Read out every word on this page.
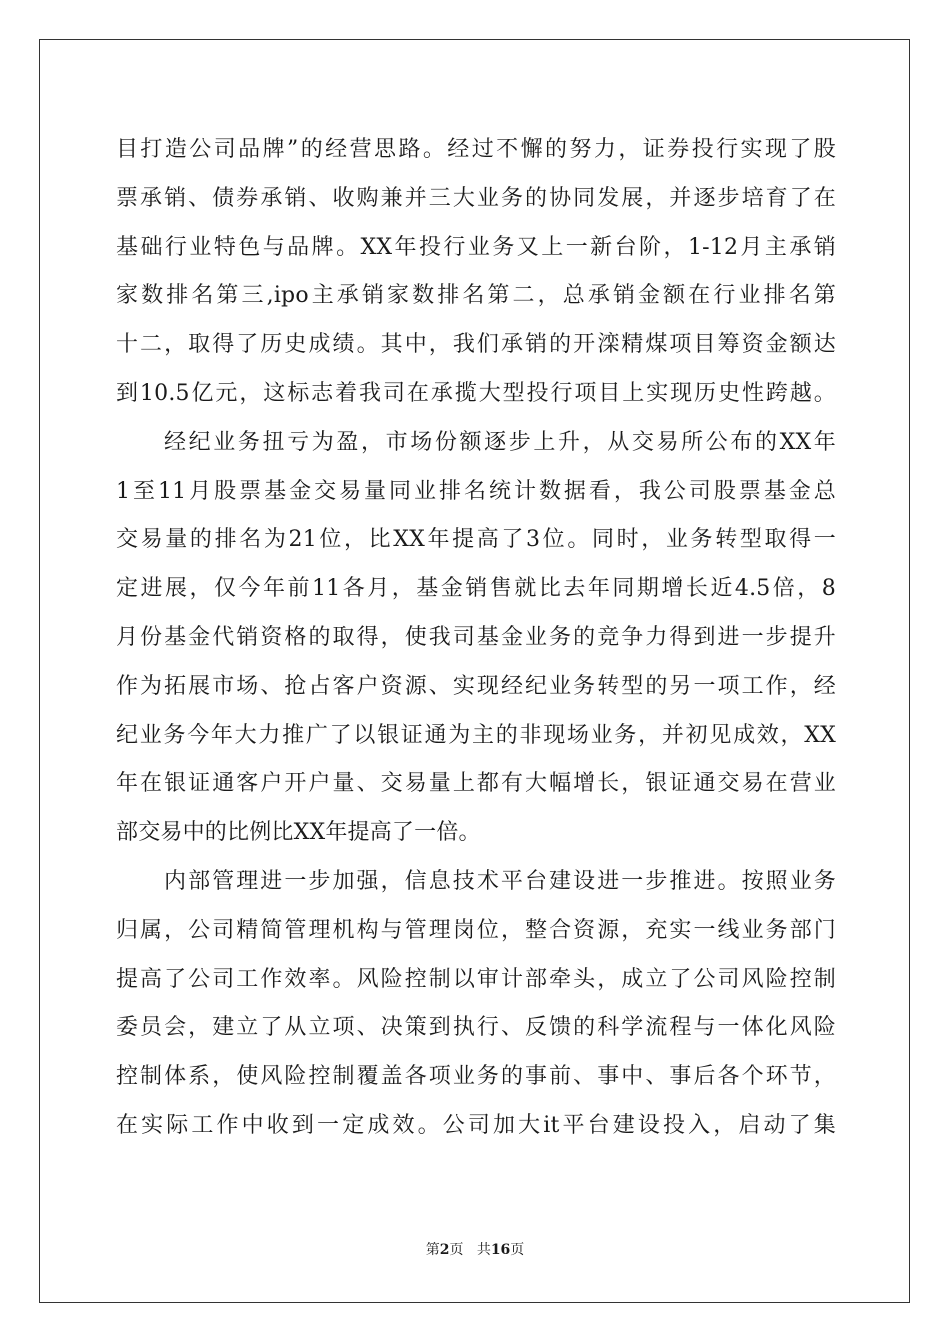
目打造公司品牌”的经营思路。经过不懈的努力，证券投行实现了股
票承销、债券承销、收购兼并三大业务的协同发展，并逐步培育了在
基础行业特色与品牌。XX年投行业务又上一新台阶，1-12月主承销
家数排名第三,ipo主承销家数排名第二，总承销金额在行业排名第
十二，取得了历史成绩。其中，我们承销的开滦精煤项目筹资金额达
到10.5亿元，这标志着我司在承揽大型投行项目上实现历史性跨越。
经纪业务扭亏为盈，市场份额逐步上升，从交易所公布的XX年
1至11月股票基金交易量同业排名统计数据看，我公司股票基金总
交易量的排名为21位，比XX年提高了3位。同时，业务转型取得一
定进展，仅今年前11各月，基金销售就比去年同期增长近4.5倍，8
月份基金代销资格的取得，使我司基金业务的竞争力得到进一步提升
作为拓展市场、抢占客户资源、实现经纪业务转型的另一项工作，经
纪业务今年大力推广了以银证通为主的非现场业务，并初见成效，XX
年在银证通客户开户量、交易量上都有大幅增长，银证通交易在营业
部交易中的比例比XX年提高了一倍。
内部管理进一步加强，信息技术平台建设进一步推进。按照业务
归属，公司精简管理机构与管理岗位，整合资源，充实一线业务部门
提高了公司工作效率。风险控制以审计部牵头，成立了公司风险控制
委员会，建立了从立项、决策到执行、反馈的科学流程与一体化风险
控制体系，使风险控制覆盖各项业务的事前、事中、事后各个环节，
在实际工作中收到一定成效。公司加大it平台建设投入，启动了集
第2页 共16页
